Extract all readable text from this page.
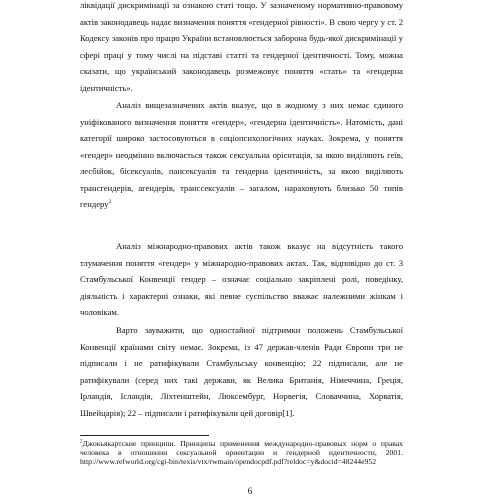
ліквідації дискримінації за ознакою статі тощо. У зазначеному нормативно-правовому актів законодавець надає визначення поняття «гендерної рівності». В свою чергу у ст. 2 Кодексу законів про працю України встановлюється заборона будь-якої дискримінації у сфері праці у тому числі на підставі статті та гендерної ідентичності. Тому, можна сказати, що український законодавець розмежовує поняття «стать» та «гендерна ідентичність».

Аналіз вищезазначених актів вказує, що в жодному з них немає єдиного уніфікованого визначення поняття «гендер», «гендерна ідентичність». Натомість, дані категорії широко застосовуються в соціопсихологічних науках. Зокрема, у поняття «гендер» неодмінно включається також сексуальна орієнтація, за якою виділяють геїв, лесбійок, бісексуалів, пансексуалів та гендерна ідентичність, за якою виділяють трансгендерів, агендерів, транссексуалів – загалом, нараховують близько 50 типів гендеру$^2$

Аналіз міжнародно-правових актів також вказує на відсутність такого тлумачення поняття «гендер» у міжнародно-правових актах. Так, відповідно до ст. 3 Стамбульської Конвенції гендер – означає соціально закріплені ролі, поведінку, діяльність і характерні ознаки, які певне суспільство вважає належними жінкам і чоловікам.

Варто зауважити, що одностайної підтримки положень Стамбульської Конвенції країнами світу немає. Зокрема, із 47 держав-членів Ради Європи три не підписали і не ратифікували Стамбульську конвенцію; 22 підписали, але не ратифікували (серед них такі держави, як Велика Британія, Німеччина, Греція, Ірландія, Ісландія, Ліхтенштейн, Люксембург, Норвегія, Словаччина, Хорватія, Швейцарія); 22 – підписали і ратифікували цей договір[1].

$^2$Джокьякартские принципи. Принципы применения международно-правовых норм о правах человека в отношении сексуальной ориентации и гендерной идентичности, 2001. http://www.refworld.org/cgi-bin/texis/vtx/rwmain/opendocpdf.pdf?reldoc=y&docid=48244e952

6
